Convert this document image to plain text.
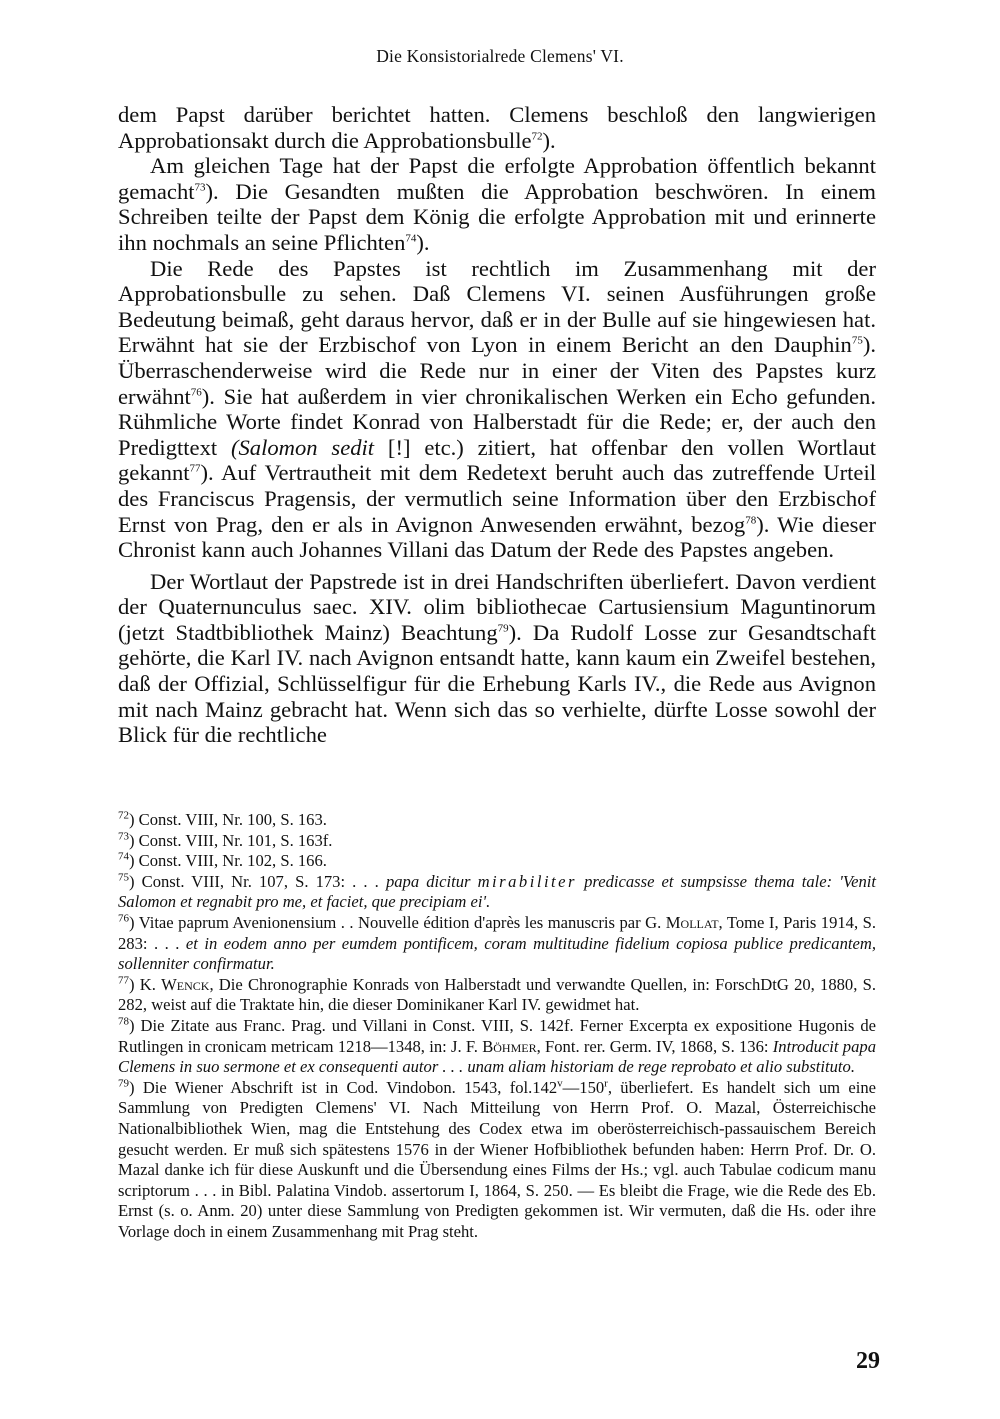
Die Konsistorialrede Clemens' VI.

dem Papst darüber berichtet hatten. Clemens beschloß den langwierigen Approbationsakt durch die Approbationsbulle$^{72}$).

Am gleichen Tage hat der Papst die erfolgte Approbation öffentlich bekannt gemacht$^{73}$). Die Gesandten mußten die Approbation beschwören. In einem Schreiben teilte der Papst dem König die erfolgte Approbation mit und erinnerte ihn nochmals an seine Pflichten$^{74}$).

Die Rede des Papstes ist rechtlich im Zusammenhang mit der Approbationsbulle zu sehen. Daß Clemens VI. seinen Ausführungen große Bedeutung beimaß, geht daraus hervor, daß er in der Bulle auf sie hingewiesen hat. Erwähnt hat sie der Erzbischof von Lyon in einem Bericht an den Dauphin$^{75}$). Überraschenderweise wird die Rede nur in einer der Viten des Papstes kurz erwähnt$^{76}$). Sie hat außerdem in vier chronikalischen Werken ein Echo gefunden. Rühmliche Worte findet Konrad von Halberstadt für die Rede; er, der auch den Predigttext (Salomon sedit [!] etc.) zitiert, hat offenbar den vollen Wortlaut gekannt$^{77}$). Auf Vertrautheit mit dem Redetext beruht auch das zutreffende Urteil des Franciscus Pragensis, der vermutlich seine Information über den Erzbischof Ernst von Prag, den er als in Avignon Anwesenden erwähnt, bezog$^{78}$). Wie dieser Chronist kann auch Johannes Villani das Datum der Rede des Papstes angeben.

Der Wortlaut der Papstrede ist in drei Handschriften überliefert. Davon verdient der Quaternunculus saec. XIV. olim bibliothecae Cartusiensium Maguntinorum (jetzt Stadtbibliothek Mainz) Beachtung$^{79}$). Da Rudolf Losse zur Gesandtschaft gehörte, die Karl IV. nach Avignon entsandt hatte, kann kaum ein Zweifel bestehen, daß der Offizial, Schlüsselfigur für die Erhebung Karls IV., die Rede aus Avignon mit nach Mainz gebracht hat. Wenn sich das so verhielte, dürfte Losse sowohl der Blick für die rechtliche

$^{72}$) Const. VIII, Nr. 100, S. 163.

$^{73}$) Const. VIII, Nr. 101, S. 163f.

$^{74}$) Const. VIII, Nr. 102, S. 166.

$^{75}$) Const. VIII, Nr. 107, S. 173: . . . papa dicitur mirabiliter predicasse et sumpsisse thema tale: 'Venit Salomon et regnabit pro me, et faciet, que precipiam ei'.

$^{76}$) Vitae paprum Avenionensium . . Nouvelle édition d'après les manuscris par G. Mollat, Tome I, Paris 1914, S. 283: . . . et in eodem anno per eumdem pontificem, coram multitudine fidelium copiosa publice predicantem, sollenniter confirmatur.

$^{77}$) K. Wenck, Die Chronographie Konrads von Halberstadt und verwandte Quellen, in: ForschDtG 20, 1880, S. 282, weist auf die Traktate hin, die dieser Dominikaner Karl IV. gewidmet hat.

$^{78}$) Die Zitate aus Franc. Prag. und Villani in Const. VIII, S. 142f. Ferner Excerpta ex expositione Hugonis de Rutlingen in cronicam metricam 1218—1348, in: J. F. Böhmer, Font. rer. Germ. IV, 1868, S. 136: Introducit papa Clemens in suo sermone et ex consequenti autor . . . unam aliam historiam de rege reprobato et alio substituto.

$^{79}$) Die Wiener Abschrift ist in Cod. Vindobon. 1543, fol.142$^v$—150$^r$, überliefert. Es handelt sich um eine Sammlung von Predigten Clemens' VI. Nach Mitteilung von Herrn Prof. O. Mazal, Österreichische Nationalbibliothek Wien, mag die Entstehung des Codex etwa im oberösterreichisch-passauischem Bereich gesucht werden. Er muß sich spätestens 1576 in der Wiener Hofbibliothek befunden haben: Herrn Prof. Dr. O. Mazal danke ich für diese Auskunft und die Übersendung eines Films der Hs.; vgl. auch Tabulae codicum manu scriptorum . . . in Bibl. Palatina Vindob. assertorum I, 1864, S. 250. — Es bleibt die Frage, wie die Rede des Eb. Ernst (s. o. Anm. 20) unter diese Sammlung von Predigten gekommen ist. Wir vermuten, daß die Hs. oder ihre Vorlage doch in einem Zusammenhang mit Prag steht.

29
